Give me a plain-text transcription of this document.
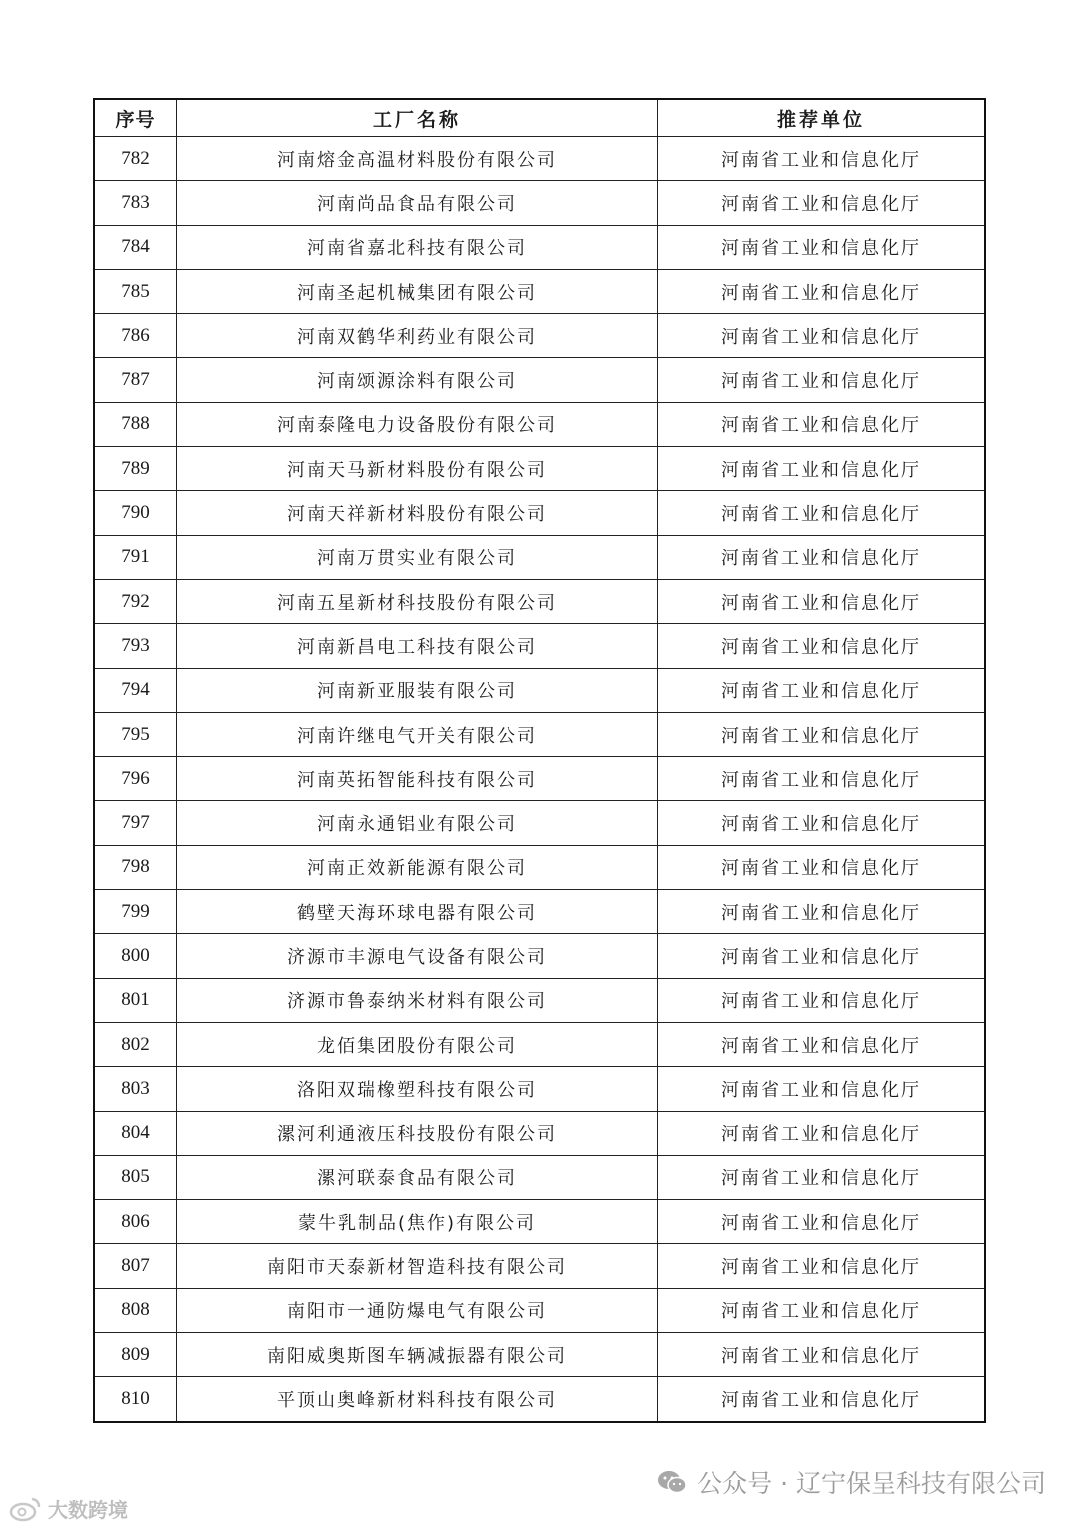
序号	工厂名称	推荐单位
782	河南熔金高温材料股份有限公司	河南省工业和信息化厅
783	河南尚品食品有限公司	河南省工业和信息化厅
784	河南省嘉北科技有限公司	河南省工业和信息化厅
785	河南圣起机械集团有限公司	河南省工业和信息化厅
786	河南双鹤华利药业有限公司	河南省工业和信息化厅
787	河南颂源涂料有限公司	河南省工业和信息化厅
788	河南泰隆电力设备股份有限公司	河南省工业和信息化厅
789	河南天马新材料股份有限公司	河南省工业和信息化厅
790	河南天祥新材料股份有限公司	河南省工业和信息化厅
791	河南万贯实业有限公司	河南省工业和信息化厅
792	河南五星新材科技股份有限公司	河南省工业和信息化厅
793	河南新昌电工科技有限公司	河南省工业和信息化厅
794	河南新亚服装有限公司	河南省工业和信息化厅
795	河南许继电气开关有限公司	河南省工业和信息化厅
796	河南英拓智能科技有限公司	河南省工业和信息化厅
797	河南永通铝业有限公司	河南省工业和信息化厅
798	河南正效新能源有限公司	河南省工业和信息化厅
799	鹤壁天海环球电器有限公司	河南省工业和信息化厅
800	济源市丰源电气设备有限公司	河南省工业和信息化厅
801	济源市鲁泰纳米材料有限公司	河南省工业和信息化厅
802	龙佰集团股份有限公司	河南省工业和信息化厅
803	洛阳双瑞橡塑科技有限公司	河南省工业和信息化厅
804	漯河利通液压科技股份有限公司	河南省工业和信息化厅
805	漯河联泰食品有限公司	河南省工业和信息化厅
806	蒙牛乳制品(焦作)有限公司	河南省工业和信息化厅
807	南阳市天泰新材智造科技有限公司	河南省工业和信息化厅
808	南阳市一通防爆电气有限公司	河南省工业和信息化厅
809	南阳威奥斯图车辆减振器有限公司	河南省工业和信息化厅
810	平顶山奥峰新材料科技有限公司	河南省工业和信息化厅
大数跨境
公众号 · 辽宁保呈科技有限公司
